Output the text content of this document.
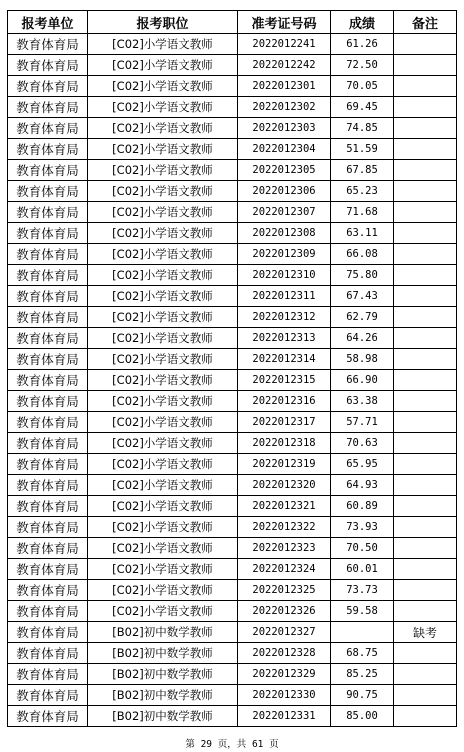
报考单位	报考职位	准考证号码	成绩	备注
教育体育局	[C02]小学语文教师	2022012241	61.26	
教育体育局	[C02]小学语文教师	2022012242	72.50	
教育体育局	[C02]小学语文教师	2022012301	70.05	
教育体育局	[C02]小学语文教师	2022012302	69.45	
教育体育局	[C02]小学语文教师	2022012303	74.85	
教育体育局	[C02]小学语文教师	2022012304	51.59	
教育体育局	[C02]小学语文教师	2022012305	67.85	
教育体育局	[C02]小学语文教师	2022012306	65.23	
教育体育局	[C02]小学语文教师	2022012307	71.68	
教育体育局	[C02]小学语文教师	2022012308	63.11	
教育体育局	[C02]小学语文教师	2022012309	66.08	
教育体育局	[C02]小学语文教师	2022012310	75.80	
教育体育局	[C02]小学语文教师	2022012311	67.43	
教育体育局	[C02]小学语文教师	2022012312	62.79	
教育体育局	[C02]小学语文教师	2022012313	64.26	
教育体育局	[C02]小学语文教师	2022012314	58.98	
教育体育局	[C02]小学语文教师	2022012315	66.90	
教育体育局	[C02]小学语文教师	2022012316	63.38	
教育体育局	[C02]小学语文教师	2022012317	57.71	
教育体育局	[C02]小学语文教师	2022012318	70.63	
教育体育局	[C02]小学语文教师	2022012319	65.95	
教育体育局	[C02]小学语文教师	2022012320	64.93	
教育体育局	[C02]小学语文教师	2022012321	60.89	
教育体育局	[C02]小学语文教师	2022012322	73.93	
教育体育局	[C02]小学语文教师	2022012323	70.50	
教育体育局	[C02]小学语文教师	2022012324	60.01	
教育体育局	[C02]小学语文教师	2022012325	73.73	
教育体育局	[C02]小学语文教师	2022012326	59.58	
教育体育局	[B02]初中数学教师	2022012327		缺考
教育体育局	[B02]初中数学教师	2022012328	68.75	
教育体育局	[B02]初中数学教师	2022012329	85.25	
教育体育局	[B02]初中数学教师	2022012330	90.75	
教育体育局	[B02]初中数学教师	2022012331	85.00	
第 29 页，共 61 页
